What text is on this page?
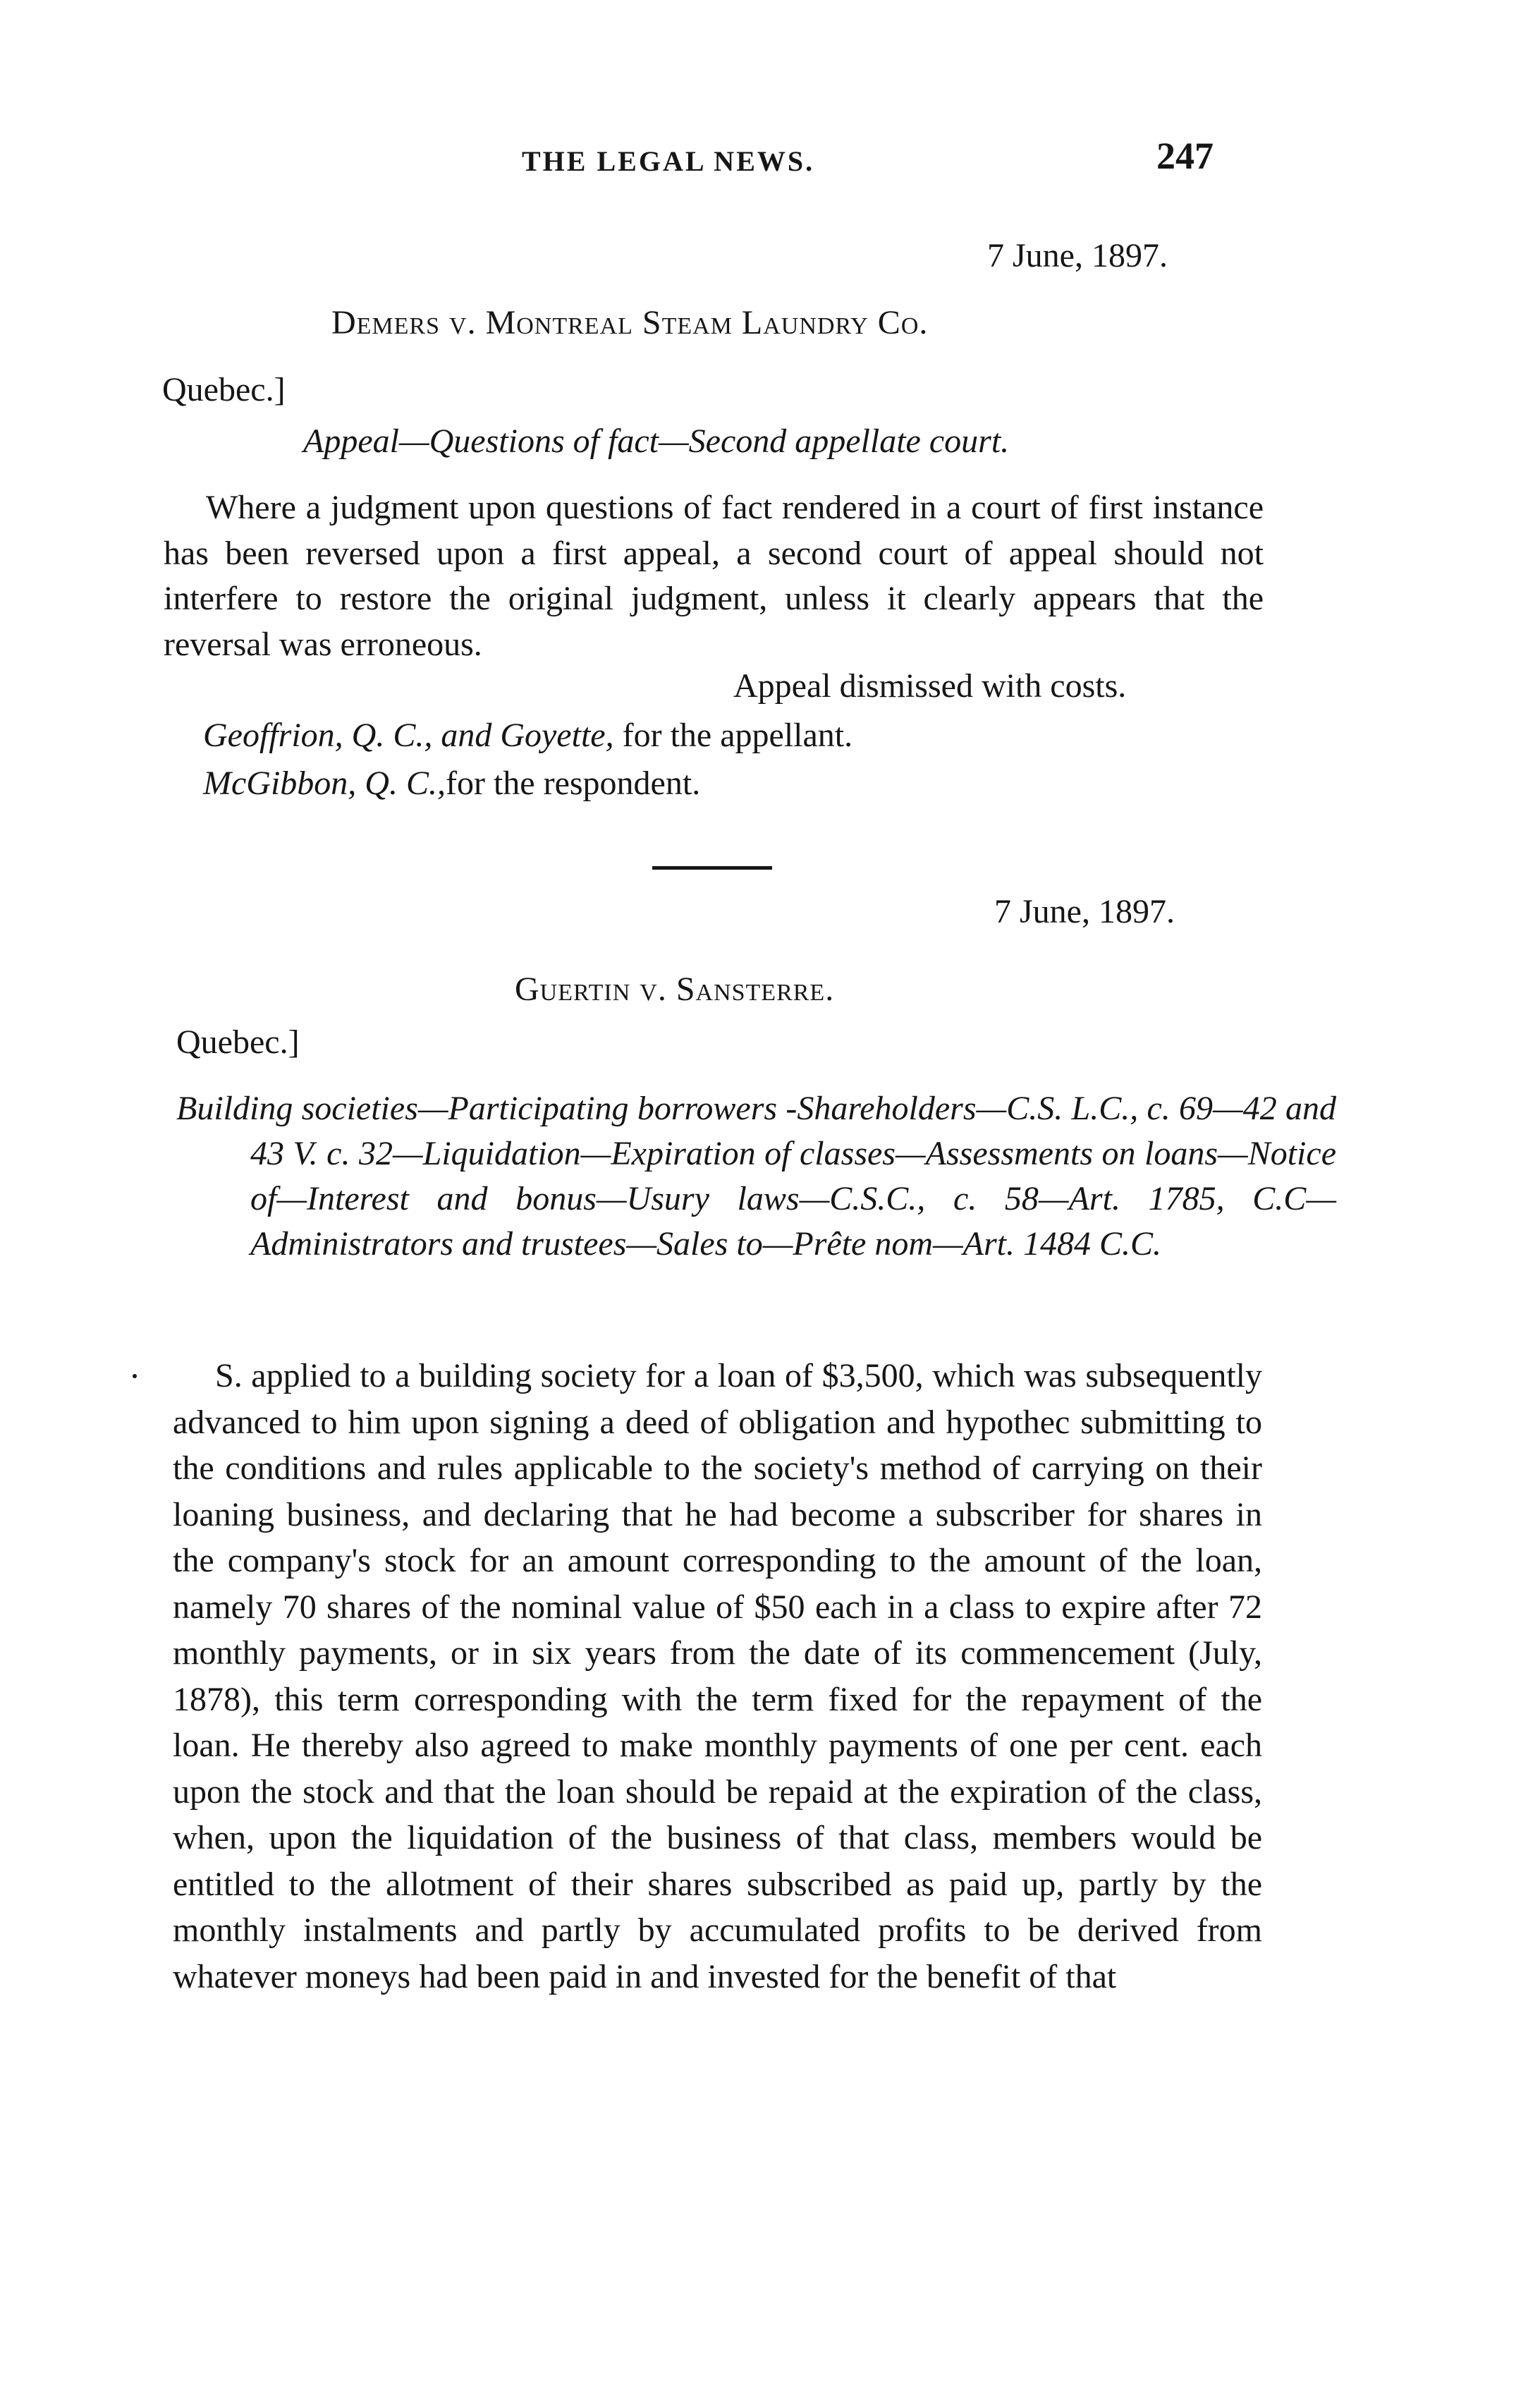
THE LEGAL NEWS.	247
7 June, 1897.
Demers v. Montreal Steam Laundry Co.
Quebec.]
Appeal—Questions of fact—Second appellate court.
Where a judgment upon questions of fact rendered in a court of first instance has been reversed upon a first appeal, a second court of appeal should not interfere to restore the original judgment, unless it clearly appears that the reversal was erroneous.
Appeal dismissed with costs.
Geoffrion, Q. C., and Goyette, for the appellant.
McGibbon, Q. C.,for the respondent.
7 June, 1897.
Guertin v. Sansterre.
Quebec.]
Building societies—Participating borrowers -Shareholders—C.S. L.C., c. 69—42 and 43 V. c. 32—Liquidation—Expiration of classes—Assessments on loans—Notice of—Interest and bonus—Usury laws—C.S.C., c. 58—Art. 1785, C.C—Administrators and trustees—Sales to—Prête nom—Art. 1484 C.C.
S. applied to a building society for a loan of $3,500, which was subsequently advanced to him upon signing a deed of obligation and hypothec submitting to the conditions and rules applicable to the society's method of carrying on their loaning business, and declaring that he had become a subscriber for shares in the company's stock for an amount corresponding to the amount of the loan, namely 70 shares of the nominal value of $50 each in a class to expire after 72 monthly payments, or in six years from the date of its commencement (July, 1878), this term corresponding with the term fixed for the repayment of the loan. He thereby also agreed to make monthly payments of one per cent. each upon the stock and that the loan should be repaid at the expiration of the class, when, upon the liquidation of the business of that class, members would be entitled to the allotment of their shares subscribed as paid up, partly by the monthly instalments and partly by accumulated profits to be derived from whatever moneys had been paid in and invested for the benefit of that
